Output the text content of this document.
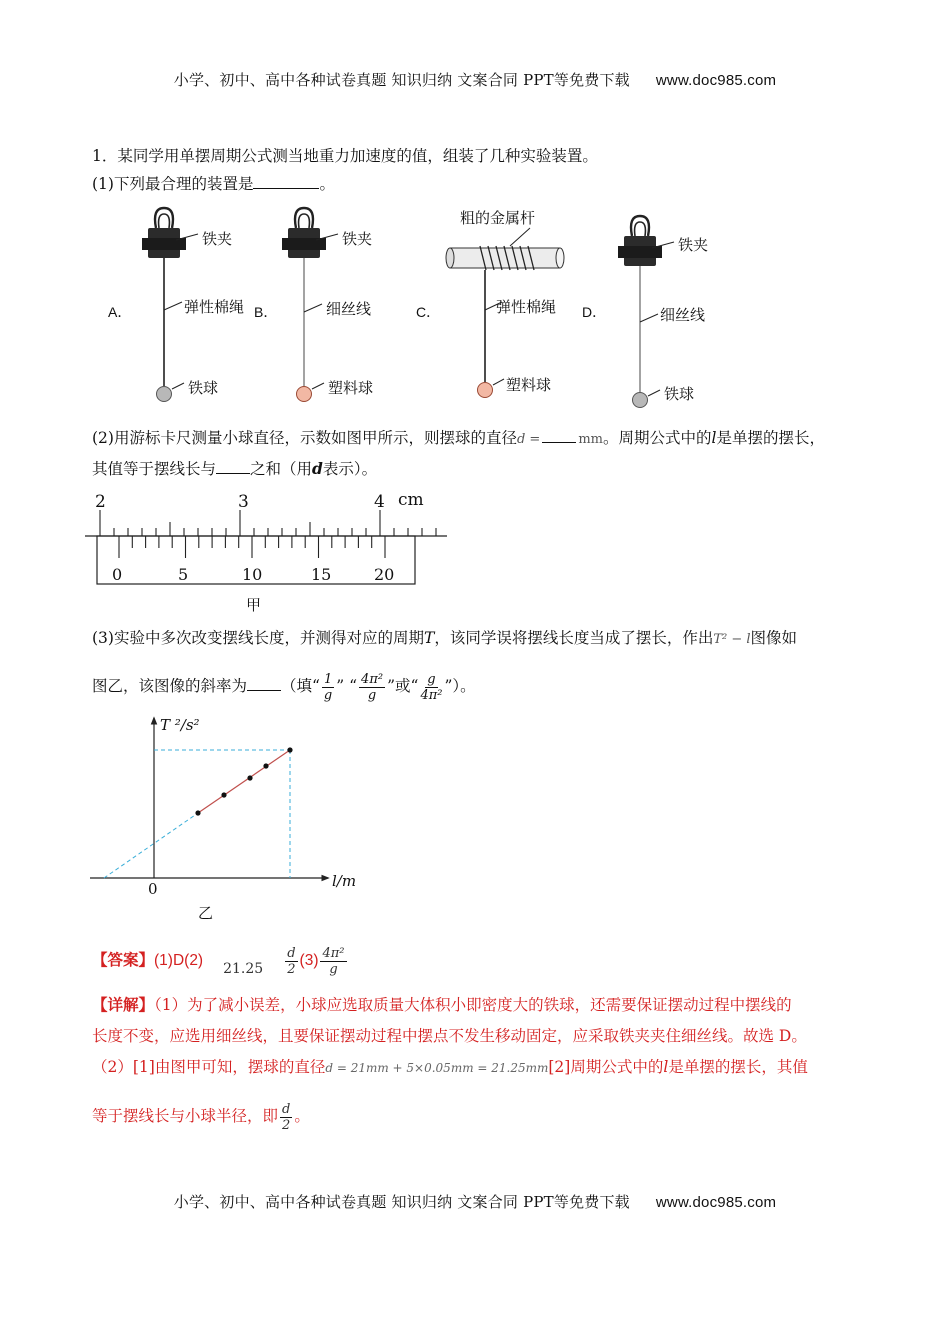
小学、初中、高中各种试卷真题 知识归纳 文案合同 PPT等免费下载 www.doc985.com
1．某同学用单摆周期公式测当地重力加速度的值，组装了几种实验装置。
(1)下列最合理的装置是	。
A．	B．	C．	D．
铁夹
弹性棉绳
铁球
铁夹
细丝线
塑料球
粗的金属杆
弹性棉绳
塑料球
铁夹
细丝线
铁球
(2)用游标卡尺测量小球直径，示数如图甲所示，则摆球的直径d =	mm。周期公式中的l是单摆的摆长，
其值等于摆线长与 之和（用d表示）。
2	3	4 cm
0	5	10	15	20
甲
(3)实验中多次改变摆线长度，并测得对应的周期T，该同学误将摆线长度当成了摆长，作出T² − l图像如
图乙，该图像的斜率为 （填“ $\frac{1}{g}$ ” “ $\frac{\text{4π²}}{g}$ ”或“ $\frac{g}{\text{4π²}}$ ”）。
T ²/s²
l/m
0
乙
【答案】(1)D(2) $21.25 \frac{d}{2} (3) \frac{\text{4π²}}{g}$
【详解】（1）为了减小误差，小球应选取质量大体积小即密度大的铁球，还需要保证摆动过程中摆线的
长度不变，应选用细丝线，且要保证摆动过程中摆点不发生移动固定，应采取铁夹夹住细丝线。故选 D。
（2）[1]由图甲可知，摆球的直径d = 21mm + 5×0.05mm = 21.25mm[2]周期公式中的l是单摆的摆长，其值
等于摆线长与小球半径，即 $\frac{d}{2}$ 。
小学、初中、高中各种试卷真题 知识归纳 文案合同 PPT等免费下载 www.doc985.com
